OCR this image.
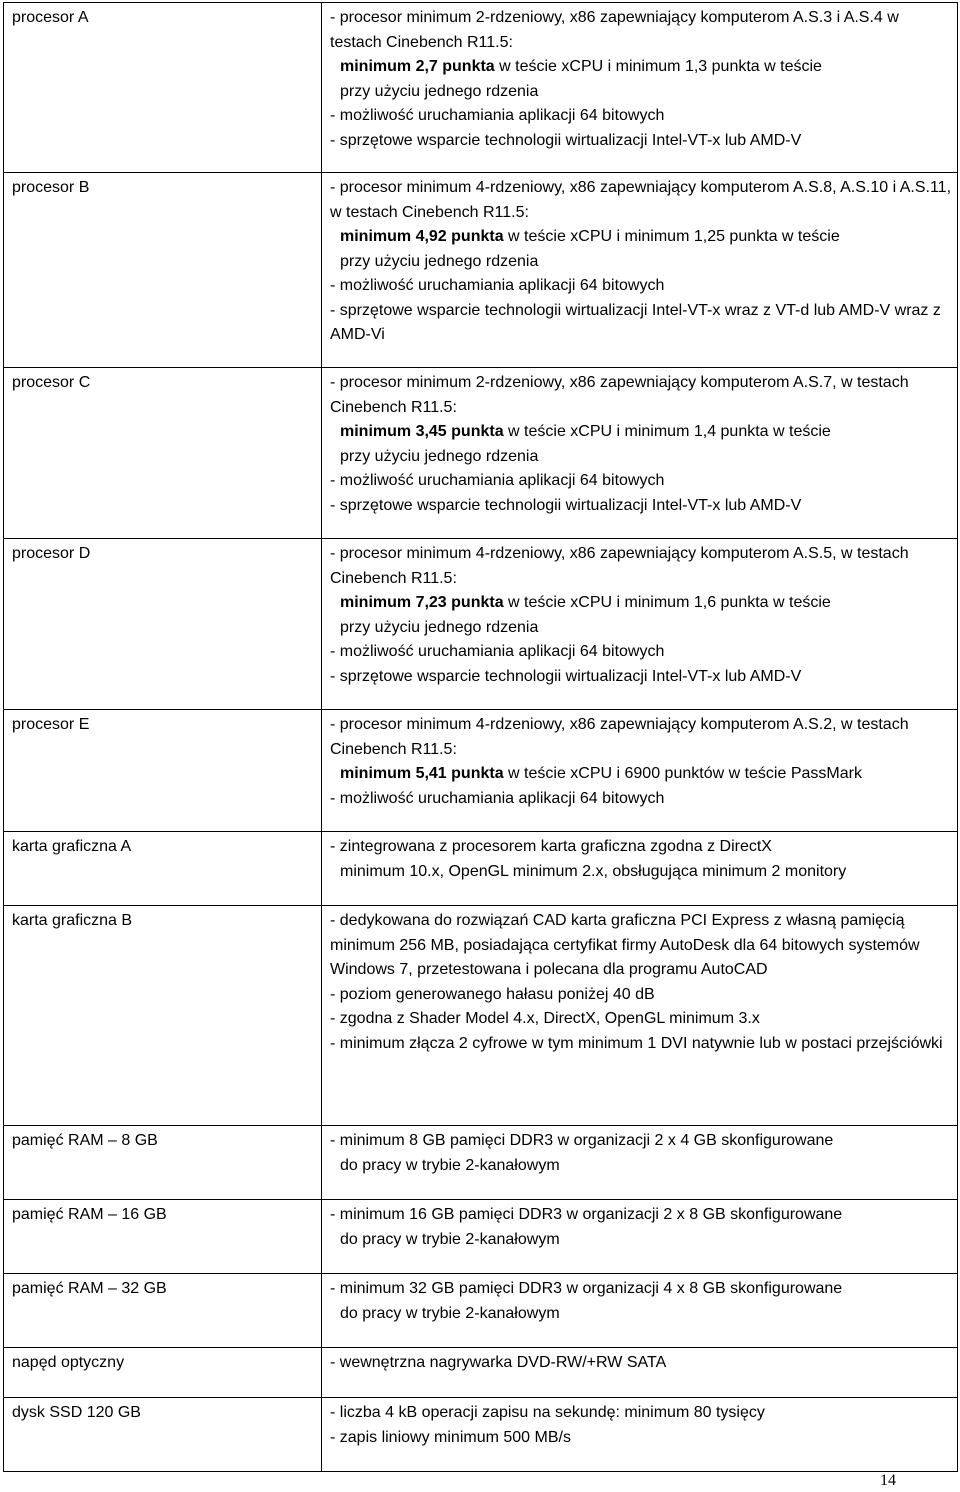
procesor A	- procesor minimum 2-rdzeniowy, x86 zapewniający komputerom A.S.3 i A.S.4 w testach Cinebench R11.5:
minimum 2,7 punkta w teście xCPU i minimum 1,3 punkta w teście
przy użyciu jednego rdzenia
- możliwość uruchamiania aplikacji 64 bitowych
- sprzętowe wsparcie technologii wirtualizacji Intel-VT-x lub AMD-V

procesor B	- procesor minimum 4-rdzeniowy, x86 zapewniający komputerom A.S.8, A.S.10 i A.S.11, w testach Cinebench R11.5:
minimum 4,92 punkta w teście xCPU i minimum 1,25 punkta w teście
przy użyciu jednego rdzenia
- możliwość uruchamiania aplikacji 64 bitowych
- sprzętowe wsparcie technologii wirtualizacji Intel-VT-x wraz z VT-d lub AMD-V wraz z AMD-Vi

procesor C	- procesor minimum 2-rdzeniowy, x86 zapewniający komputerom A.S.7, w testach Cinebench R11.5:
minimum 3,45 punkta w teście xCPU i minimum 1,4 punkta w teście
przy użyciu jednego rdzenia
- możliwość uruchamiania aplikacji 64 bitowych
- sprzętowe wsparcie technologii wirtualizacji Intel-VT-x lub AMD-V

procesor D	- procesor minimum 4-rdzeniowy, x86 zapewniający komputerom A.S.5, w testach Cinebench R11.5:
minimum 7,23 punkta w teście xCPU i minimum 1,6 punkta w teście
przy użyciu jednego rdzenia
- możliwość uruchamiania aplikacji 64 bitowych
- sprzętowe wsparcie technologii wirtualizacji Intel-VT-x lub AMD-V

procesor E	- procesor minimum 4-rdzeniowy, x86 zapewniający komputerom A.S.2, w testach Cinebench R11.5:
minimum 5,41 punkta w teście xCPU i 6900 punktów w teście PassMark
- możliwość uruchamiania aplikacji 64 bitowych

karta graficzna A	- zintegrowana z procesorem karta graficzna zgodna z DirectX
minimum 10.x, OpenGL minimum 2.x, obsługująca minimum 2 monitory

karta graficzna B	- dedykowana do rozwiązań CAD karta graficzna PCI Express z własną pamięcią minimum 256 MB, posiadająca certyfikat firmy AutoDesk dla 64 bitowych systemów Windows 7, przetestowana i polecana dla programu AutoCAD
- poziom generowanego hałasu poniżej 40 dB
- zgodna z Shader Model 4.x, DirectX, OpenGL minimum 3.x
- minimum złącza 2 cyfrowe w tym minimum 1 DVI natywnie lub w postaci przejściówki

pamięć RAM – 8 GB	- minimum 8 GB pamięci DDR3 w organizacji 2 x 4 GB skonfigurowane
do pracy w trybie 2-kanałowym

pamięć RAM – 16 GB	- minimum 16 GB pamięci DDR3 w organizacji 2 x 8 GB skonfigurowane
do pracy w trybie 2-kanałowym

pamięć RAM – 32 GB	- minimum 32 GB pamięci DDR3 w organizacji 4 x 8 GB skonfigurowane
do pracy w trybie 2-kanałowym

napęd optyczny	- wewnętrzna nagrywarka DVD-RW/+RW SATA

dysk SSD 120 GB	- liczba 4 kB operacji zapisu na sekundę: minimum 80 tysięcy
- zapis liniowy minimum 500 MB/s
14
